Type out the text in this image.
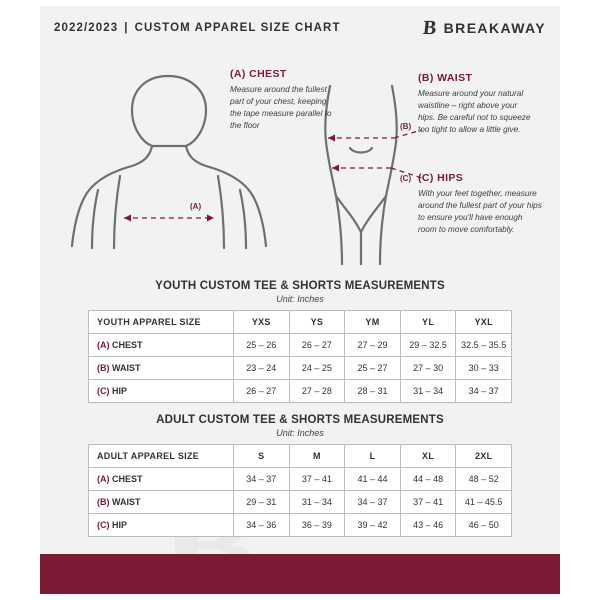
2022/2023 | CUSTOM APPAREL SIZE CHART	B BREAKAWAY
(A)
(B)
(C)
(A) CHEST
Measure around the fullest part of your chest, keeping the tape measure parallel to the floor
(B) WAIST
Measure around your natural waistline – right above your hips. Be careful not to squeeze too tight to allow a little give.
(C) HIPS
With your feet together, measure around the fullest part of your hips to ensure you'll have enough room to move comfortably.
YOUTH CUSTOM TEE & SHORTS MEASUREMENTS
Unit: Inches
YOUTH APPAREL SIZE	YXS	YS	YM	YL	YXL
(A) CHEST	25 – 26	26 – 27	27 – 29	29 – 32.5	32.5 – 35.5
(B) WAIST	23 – 24	24 – 25	25 – 27	27 – 30	30 – 33
(C) HIP	26 – 27	27 – 28	28 – 31	31 – 34	34 – 37
ADULT CUSTOM TEE & SHORTS MEASUREMENTS
Unit: Inches
ADULT APPAREL SIZE	S	M	L	XL	2XL
(A) CHEST	34 – 37	37 – 41	41 – 44	44 – 48	48 – 52
(B) WAIST	29 – 31	31 – 34	34 – 37	37 – 41	41 – 45.5
(C) HIP	34 – 36	36 – 39	39 – 42	43 – 46	46 – 50
